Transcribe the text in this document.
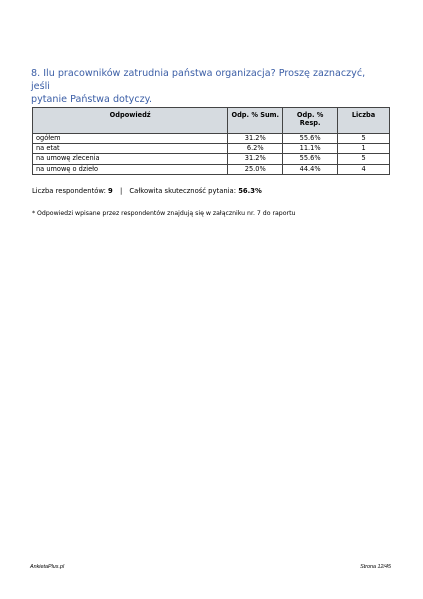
8. Ilu pracowników zatrudnia państwa organizacja? Proszę zaznaczyć, jeśli
pytanie Państwa dotyczy.
Odpowiedź	Odp. % Sum.	Odp. % Resp.	Liczba
ogółem	31.2%	55.6%	5
na etat	6.2%	11.1%	1
na umowę zlecenia	31.2%	55.6%	5
na umowę o dzieło	25.0%	44.4%	4
Liczba respondentów: 9 | Całkowita skuteczność pytania: 56.3%
* Odpowiedzi wpisane przez respondentów znajdują się w załączniku nr. 7 do raportu
AnkietaPlus.pl	Strona 12/45
